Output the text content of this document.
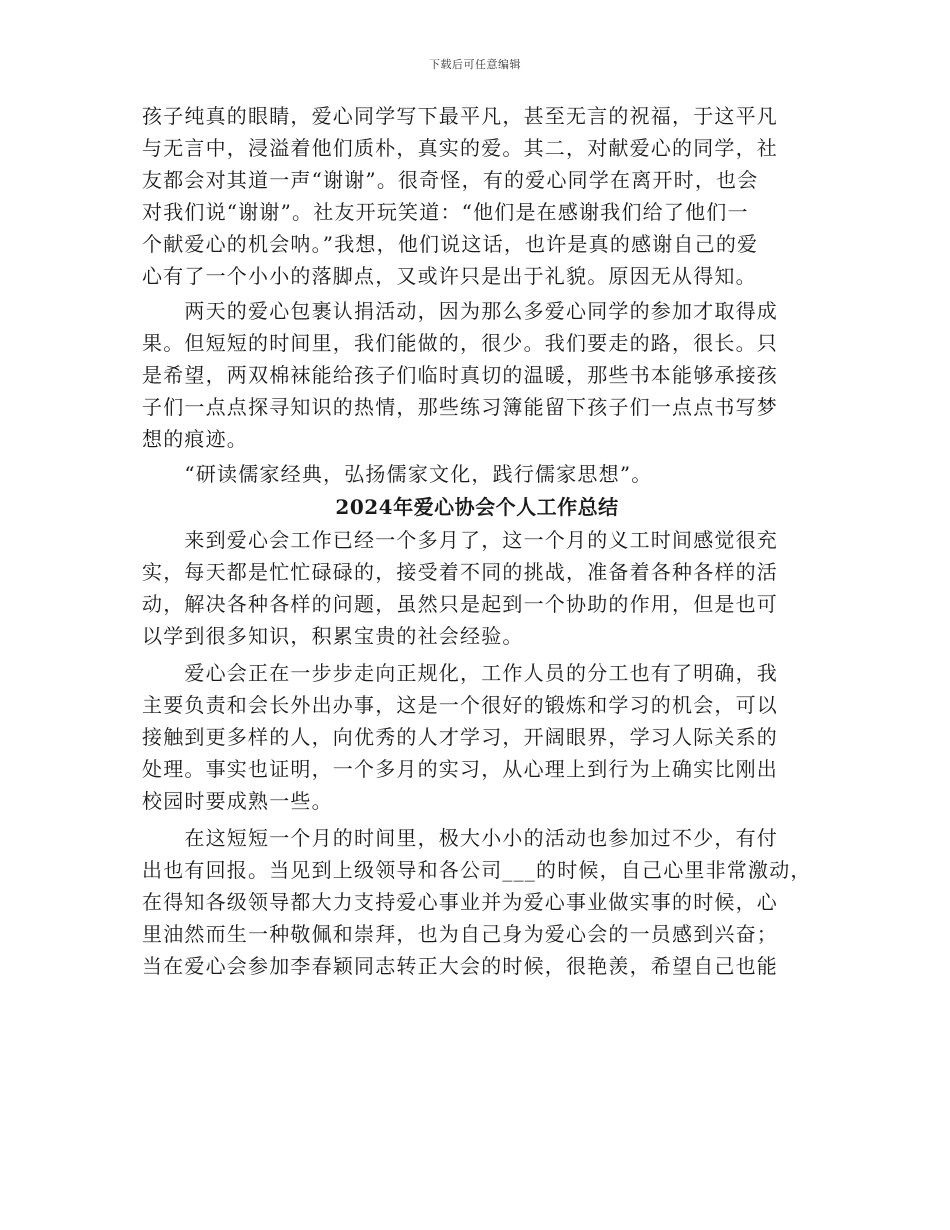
下载后可任意编辑
孩子纯真的眼睛，爱心同学写下最平凡，甚至无言的祝福，于这平凡
与无言中，浸溢着他们质朴，真实的爱。其二，对献爱心的同学，社
友都会对其道一声“谢谢”。很奇怪，有的爱心同学在离开时，也会
对我们说“谢谢”。社友开玩笑道：“他们是在感谢我们给了他们一
个献爱心的机会呐。”我想，他们说这话，也许是真的感谢自己的爱
心有了一个小小的落脚点，又或许只是出于礼貌。原因无从得知。
　　两天的爱心包裹认捐活动，因为那么多爱心同学的参加才取得成
果。但短短的时间里，我们能做的，很少。我们要走的路，很长。只
是希望，两双棉袜能给孩子们临时真切的温暖，那些书本能够承接孩
子们一点点探寻知识的热情，那些练习簿能留下孩子们一点点书写梦
想的痕迹。
　　“研读儒家经典，弘扬儒家文化，践行儒家思想”。
2024年爱心协会个人工作总结
　　来到爱心会工作已经一个多月了，这一个月的义工时间感觉很充
实，每天都是忙忙碌碌的，接受着不同的挑战，准备着各种各样的活
动，解决各种各样的问题，虽然只是起到一个协助的作用，但是也可
以学到很多知识，积累宝贵的社会经验。
　　爱心会正在一步步走向正规化，工作人员的分工也有了明确，我
主要负责和会长外出办事，这是一个很好的锻炼和学习的机会，可以
接触到更多样的人，向优秀的人才学习，开阔眼界，学习人际关系的
处理。事实也证明，一个多月的实习，从心理上到行为上确实比刚出
校园时要成熟一些。
　　在这短短一个月的时间里，极大小小的活动也参加过不少，有付
出也有回报。当见到上级领导和各公司___的时候，自己心里非常激动，
在得知各级领导都大力支持爱心事业并为爱心事业做实事的时候，心
里油然而生一种敬佩和崇拜，也为自己身为爱心会的一员感到兴奋；
当在爱心会参加李春颖同志转正大会的时候，很艳羡，希望自己也能
